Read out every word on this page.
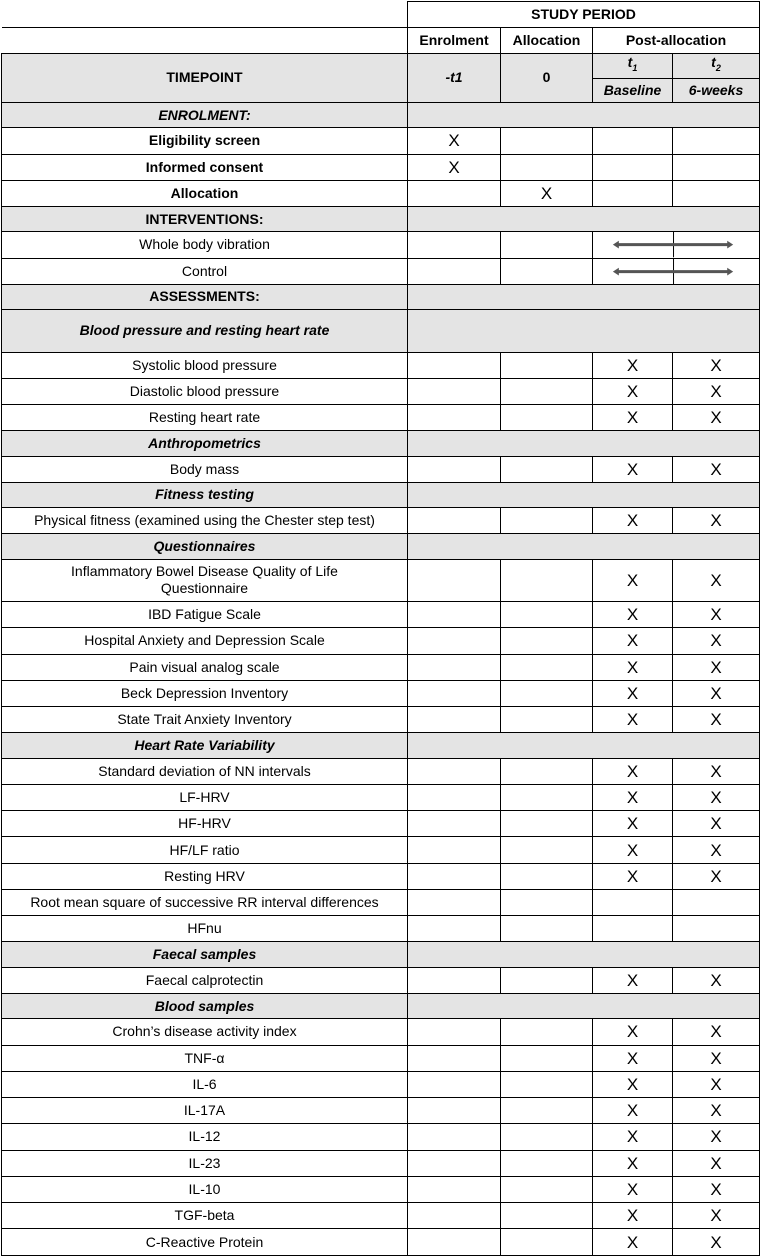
	STUDY PERIOD			
	Enrolment	Allocation	Post-allocation	
TIMEPOINT	-t1	0	$t_1$	$t_2$
			Baseline	6-weeks
ENROLMENT:				
Eligibility screen	X			
Informed consent	X			
Allocation		X		
INTERVENTIONS:				
Whole body vibration			

Control			

ASSESSMENTS:				
Blood pressure and resting heart rate				
Systolic blood pressure			X	X
Diastolic blood pressure			X	X
Resting heart rate			X	X
Anthropometrics				
Body mass			X	X
Fitness testing				
Physical fitness (examined using the Chester step test)			X	X
Questionnaires				
Inflammatory Bowel Disease Quality of Life Questionnaire			X	X
IBD Fatigue Scale			X	X
Hospital Anxiety and Depression Scale			X	X
Pain visual analog scale			X	X
Beck Depression Inventory			X	X
State Trait Anxiety Inventory			X	X
Heart Rate Variability				
Standard deviation of NN intervals			X	X
LF-HRV			X	X
HF-HRV			X	X
HF/LF ratio			X	X
Resting HRV			X	X
Root mean square of successive RR interval differences				
HFnu				
Faecal samples				
Faecal calprotectin			X	X
Blood samples				
Crohn’s disease activity index			X	X
TNF-α			X	X
IL-6			X	X
IL-17A			X	X
IL-12			X	X
IL-23			X	X
IL-10			X	X
TGF-beta			X	X
C-Reactive Protein			X	X
